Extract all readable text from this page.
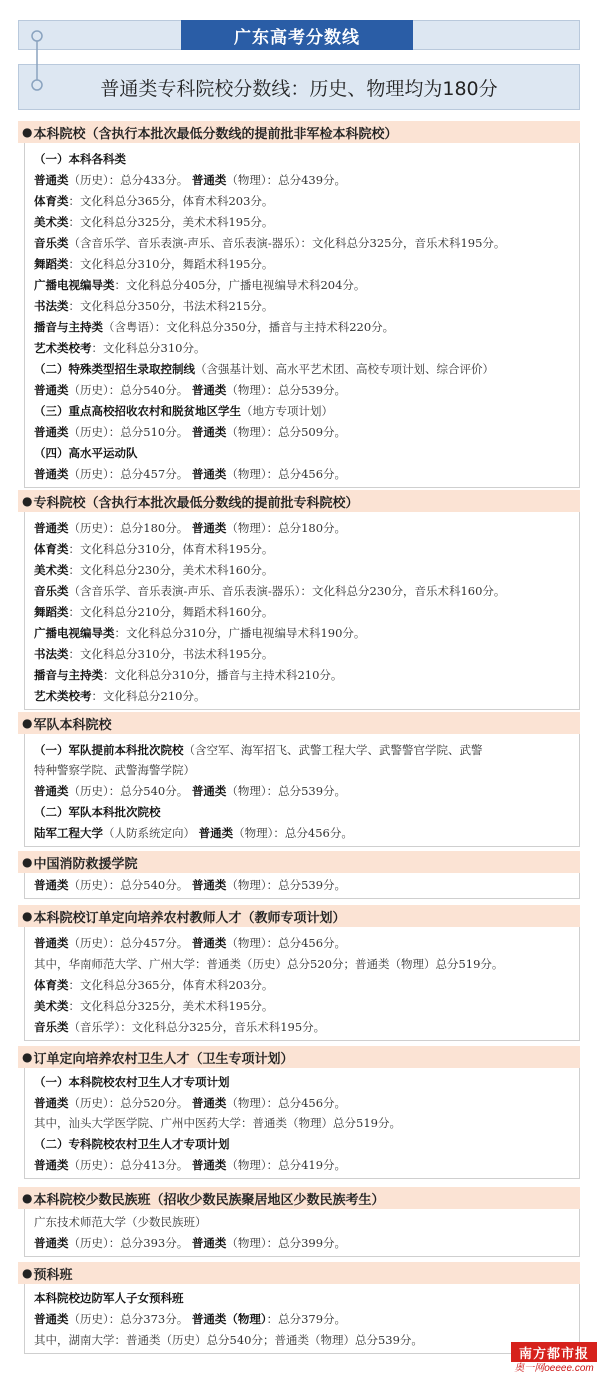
广东高考分数线
普通类专科院校分数线：历史、物理均为180分
● 本科院校（含执行本批次最低分数线的提前批非军检本科院校）
（一）本科各科类
普通类（历史）：总分433分。 普通类（物理）：总分439分。
体育类：文化科总分365分，体育术科203分。
美术类：文化科总分325分，美术术科195分。
音乐类（含音乐学、音乐表演-声乐、音乐表演-器乐）：文化科总分325分，音乐术科195分。
舞蹈类：文化科总分310分，舞蹈术科195分。
广播电视编导类：文化科总分405分，广播电视编导术科204分。
书法类：文化科总分350分，书法术科215分。
播音与主持类（含粤语）：文化科总分350分，播音与主持术科220分。
艺术类校考：文化科总分310分。
（二）特殊类型招生录取控制线（含强基计划、高水平艺术团、高校专项计划、综合评价）
普通类（历史）：总分540分。 普通类（物理）：总分539分。
（三）重点高校招收农村和脱贫地区学生（地方专项计划）
普通类（历史）：总分510分。 普通类（物理）：总分509分。
（四）高水平运动队
普通类（历史）：总分457分。 普通类（物理）：总分456分。
● 专科院校（含执行本批次最低分数线的提前批专科院校）
普通类（历史）：总分180分。 普通类（物理）：总分180分。
体育类：文化科总分310分，体育术科195分。
美术类：文化科总分230分，美术术科160分。
音乐类（含音乐学、音乐表演-声乐、音乐表演-器乐）：文化科总分230分，音乐术科160分。
舞蹈类：文化科总分210分，舞蹈术科160分。
广播电视编导类：文化科总分310分，广播电视编导术科190分。
书法类：文化科总分310分，书法术科195分。
播音与主持类：文化科总分310分，播音与主持术科210分。
艺术类校考：文化科总分210分。
● 军队本科院校
（一）军队提前本科批次院校（含空军、海军招飞、武警工程大学、武警警官学院、武警
特种警察学院、武警海警学院）
普通类（历史）：总分540分。 普通类（物理）：总分539分。
（二）军队本科批次院校
陆军工程大学（人防系统定向） 普通类（物理）：总分456分。
● 中国消防救援学院
普通类（历史）：总分540分。 普通类（物理）：总分539分。
● 本科院校订单定向培养农村教师人才（教师专项计划）
普通类（历史）：总分457分。 普通类（物理）：总分456分。
其中，华南师范大学、广州大学：普通类（历史）总分520分；普通类（物理）总分519分。
体育类：文化科总分365分，体育术科203分。
美术类：文化科总分325分，美术术科195分。
音乐类（音乐学）：文化科总分325分，音乐术科195分。
● 订单定向培养农村卫生人才（卫生专项计划）
（一）本科院校农村卫生人才专项计划
普通类（历史）：总分520分。 普通类（物理）：总分456分。
其中，汕头大学医学院、广州中医药大学：普通类（物理）总分519分。
（二）专科院校农村卫生人才专项计划
普通类（历史）：总分413分。 普通类（物理）：总分419分。
● 本科院校少数民族班（招收少数民族聚居地区少数民族考生）
广东技术师范大学（少数民族班）
普通类（历史）：总分393分。 普通类（物理）：总分399分。
● 预科班
本科院校边防军人子女预科班
普通类（历史）：总分373分。 普通类（物理）：总分379分。
其中，湖南大学：普通类（历史）总分540分；普通类（物理）总分539分。
南方都市报
奥一网oeeee.com
